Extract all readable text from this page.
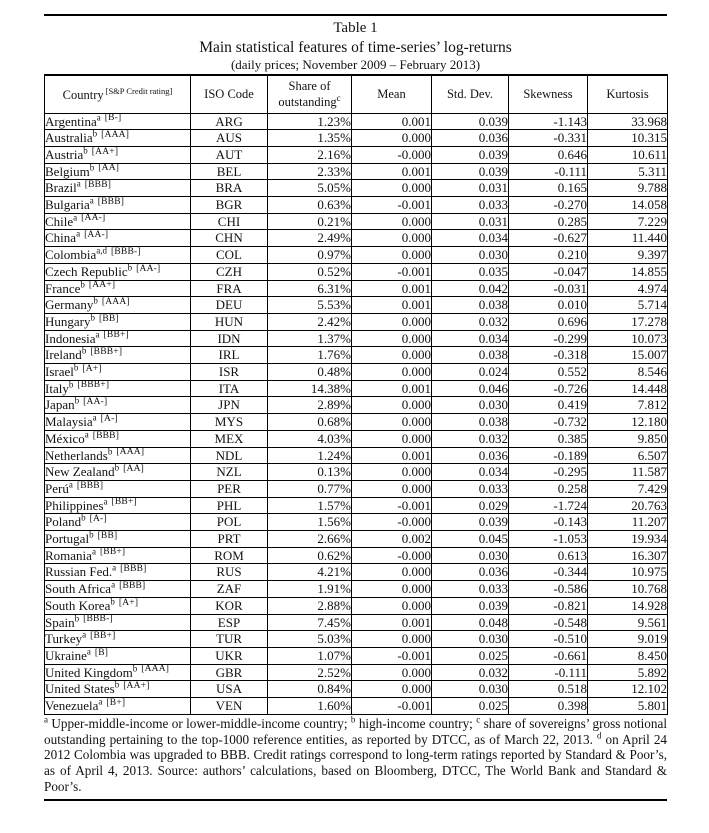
Table 1
Main statistical features of time-series’ log-returns
(daily prices; November 2009 – February 2013)
Country [S&P Credit rating]	ISO Code	Share of
outstanding$^c$	Mean	Std. Dev.	Skewness	Kurtosis
Argentina$^a$ [B-]	ARG	1.23%	0.001	0.039	-1.143	33.968
Australia$^b$ [AAA]	AUS	1.35%	0.000	0.036	-0.331	10.315
Austria$^b$ [AA+]	AUT	2.16%	-0.000	0.039	0.646	10.611
Belgium$^b$ [AA]	BEL	2.33%	0.001	0.039	-0.111	5.311
Brazil$^a$ [BBB]	BRA	5.05%	0.000	0.031	0.165	9.788
Bulgaria$^a$ [BBB]	BGR	0.63%	-0.001	0.033	-0.270	14.058
Chile$^a$ [AA-]	CHI	0.21%	0.000	0.031	0.285	7.229
China$^a$ [AA-]	CHN	2.49%	0.000	0.034	-0.627	11.440
Colombia$^{a,d}$ [BBB-]	COL	0.97%	0.000	0.030	0.210	9.397
Czech Republic$^b$ [AA-]	CZH	0.52%	-0.001	0.035	-0.047	14.855
France$^b$ [AA+]	FRA	6.31%	0.001	0.042	-0.031	4.974
Germany$^b$ [AAA]	DEU	5.53%	0.001	0.038	0.010	5.714
Hungary$^b$ [BB]	HUN	2.42%	0.000	0.032	0.696	17.278
Indonesia$^a$ [BB+]	IDN	1.37%	0.000	0.034	-0.299	10.073
Ireland$^b$ [BBB+]	IRL	1.76%	0.000	0.038	-0.318	15.007
Israel$^b$ [A+]	ISR	0.48%	0.000	0.024	0.552	8.546
Italy$^b$ [BBB+]	ITA	14.38%	0.001	0.046	-0.726	14.448
Japan$^b$ [AA-]	JPN	2.89%	0.000	0.030	0.419	7.812
Malaysia$^a$ [A-]	MYS	0.68%	0.000	0.038	-0.732	12.180
México$^a$ [BBB]	MEX	4.03%	0.000	0.032	0.385	9.850
Netherlands$^b$ [AAA]	NDL	1.24%	0.001	0.036	-0.189	6.507
New Zealand$^b$ [AA]	NZL	0.13%	0.000	0.034	-0.295	11.587
Perú$^a$ [BBB]	PER	0.77%	0.000	0.033	0.258	7.429
Philippines$^a$ [BB+]	PHL	1.57%	-0.001	0.029	-1.724	20.763
Poland$^b$ [A-]	POL	1.56%	-0.000	0.039	-0.143	11.207
Portugal$^b$ [BB]	PRT	2.66%	0.002	0.045	-1.053	19.934
Romania$^a$ [BB+]	ROM	0.62%	-0.000	0.030	0.613	16.307
Russian Fed.$^a$ [BBB]	RUS	4.21%	0.000	0.036	-0.344	10.975
South Africa$^a$ [BBB]	ZAF	1.91%	0.000	0.033	-0.586	10.768
South Korea$^b$ [A+]	KOR	2.88%	0.000	0.039	-0.821	14.928
Spain$^b$ [BBB-]	ESP	7.45%	0.001	0.048	-0.548	9.561
Turkey$^a$ [BB+]	TUR	5.03%	0.000	0.030	-0.510	9.019
Ukraine$^a$ [B]	UKR	1.07%	-0.001	0.025	-0.661	8.450
United Kingdom$^b$ [AAA]	GBR	2.52%	0.000	0.032	-0.111	5.892
United States$^b$ [AA+]	USA	0.84%	0.000	0.030	0.518	12.102
Venezuela$^a$ [B+]	VEN	1.60%	-0.001	0.025	0.398	5.801
$^a$ Upper-middle-income or lower-middle-income country; $^b$ high-income country; $^c$ share of sovereigns’ gross notional outstanding pertaining to the top-1000 reference entities, as reported by DTCC, as of March 22, 2013. $^d$ on April 24 2012 Colombia was upgraded to BBB. Credit ratings correspond to long-term ratings reported by Standard & Poor’s, as of April 4, 2013. Source: authors’ calculations, based on Bloomberg, DTCC, The World Bank and Standard & Poor’s.
